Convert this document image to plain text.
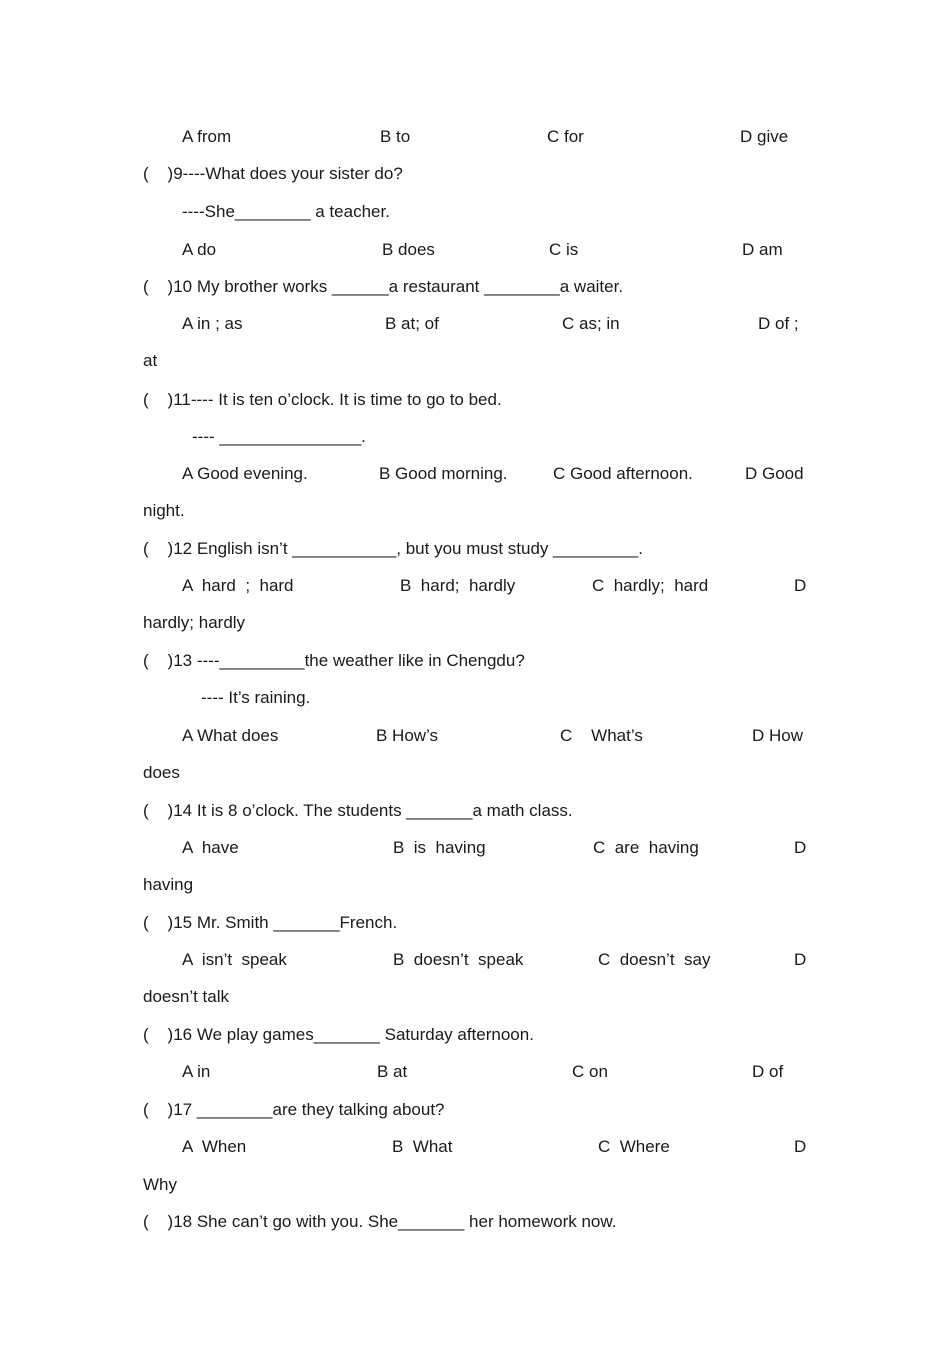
A from	B to	C for	D give
(    )9----What does your sister do?
----She________ a teacher.
A do	B does	C is	D am
(    )10 My brother works ______a restaurant ________a waiter.
A in ; as	B at; of	C as; in	D of ;
at
(    )11---- It is ten o’clock. It is time to go to bed.
---- _______________.
A Good evening.	B Good morning.	C Good afternoon.	D Good
night.
(    )12 English isn’t ___________, but you must study _________.
A  hard  ;  hard	B  hard;  hardly	C  hardly;  hard	D
hardly; hardly
(    )13 ----_________the weather like in Chengdu?
---- It’s raining.
A What does	B How’s	C    What’s	D How
does
(    )14 It is 8 o’clock. The students _______a math class.
A  have	B  is  having	C  are  having	D
having
(    )15 Mr. Smith _______French.
A  isn’t  speak	B  doesn’t  speak	C  doesn’t  say	D
doesn’t talk
(    )16 We play games_______ Saturday afternoon.
A in	B at	C on	D of
(    )17 ________are they talking about?
A  When	B  What	C  Where	D
Why
(    )18 She can’t go with you. She_______ her homework now.
